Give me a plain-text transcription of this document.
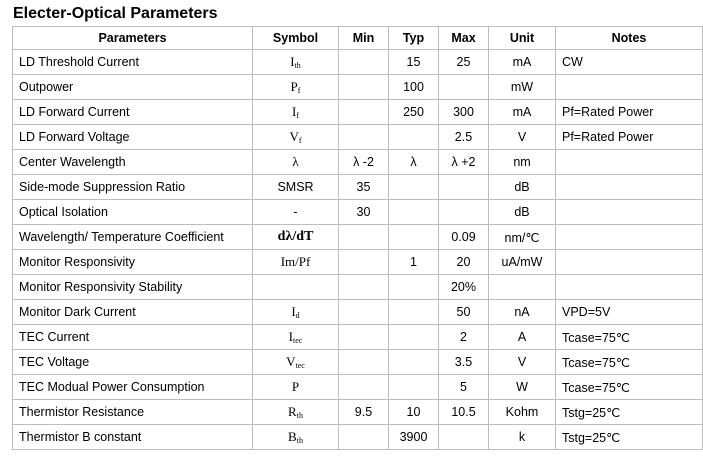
Electer-Optical Parameters
Parameters	Symbol	Min	Typ	Max	Unit	Notes
LD Threshold Current	$I_{th}$		15	25	mA	CW
Outpower	$P_f$		100		mW	
LD Forward Current	$I_f$		250	300	mA	Pf=Rated Power
LD Forward Voltage	$V_f$			2.5	V	Pf=Rated Power
Center Wavelength	λ	λ -2	λ	λ +2	nm	
Side-mode Suppression Ratio	SMSR	35			dB	
Optical Isolation	-	30			dB	
Wavelength/ Temperature Coefficient	dλ/dT			0.09	nm/℃	
Monitor Responsivity	Im/Pf		1	20	uA/mW	
Monitor Responsivity Stability				20%		
Monitor Dark Current	$I_d$			50	nA	VPD=5V
TEC Current	$I_{tec}$			2	A	Tcase=75℃
TEC Voltage	$V_{tec}$			3.5	V	Tcase=75℃
TEC Modual Power Consumption	P			5	W	Tcase=75℃
Thermistor Resistance	$R_{th}$	9.5	10	10.5	Kohm	Tstg=25℃
Thermistor B constant	$B_{th}$		3900		k	Tstg=25℃
